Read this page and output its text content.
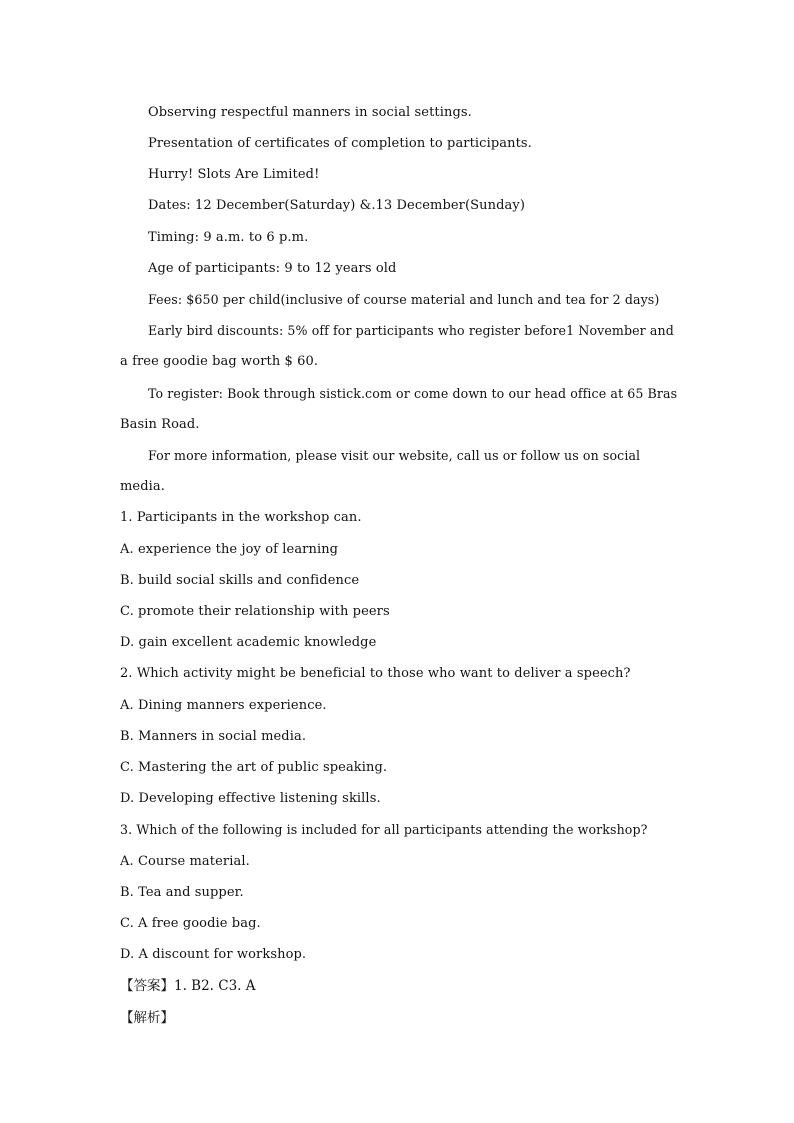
Observing respectful manners in social settings.
Presentation of certificates of completion to participants.
Hurry! Slots Are Limited!
Dates: 12 December(Saturday) &.13 December(Sunday)
Timing: 9 a.m. to 6 p.m.
Age of participants: 9 to 12 years old
Fees: $650 per child(inclusive of course material and lunch and tea for 2 days)
Early bird discounts: 5% off for participants who register before1 November and
a free goodie bag worth $ 60.
To register: Book through sistick.com or come down to our head office at 65 Bras
Basin Road.
For more information, please visit our website, call us or follow us on social
media.
1. Participants in the workshop can.
A. experience the joy of learning
B. build social skills and confidence
C. promote their relationship with peers
D. gain excellent academic knowledge
2. Which activity might be beneficial to those who want to deliver a speech?
A. Dining manners experience.
B. Manners in social media.
C. Mastering the art of public speaking.
D. Developing effective listening skills.
3. Which of the following is included for all participants attending the workshop?
A. Course material.
B. Tea and supper.
C. A free goodie bag.
D. A discount for workshop.
【答案】1. B2. C3. A
【解析】
